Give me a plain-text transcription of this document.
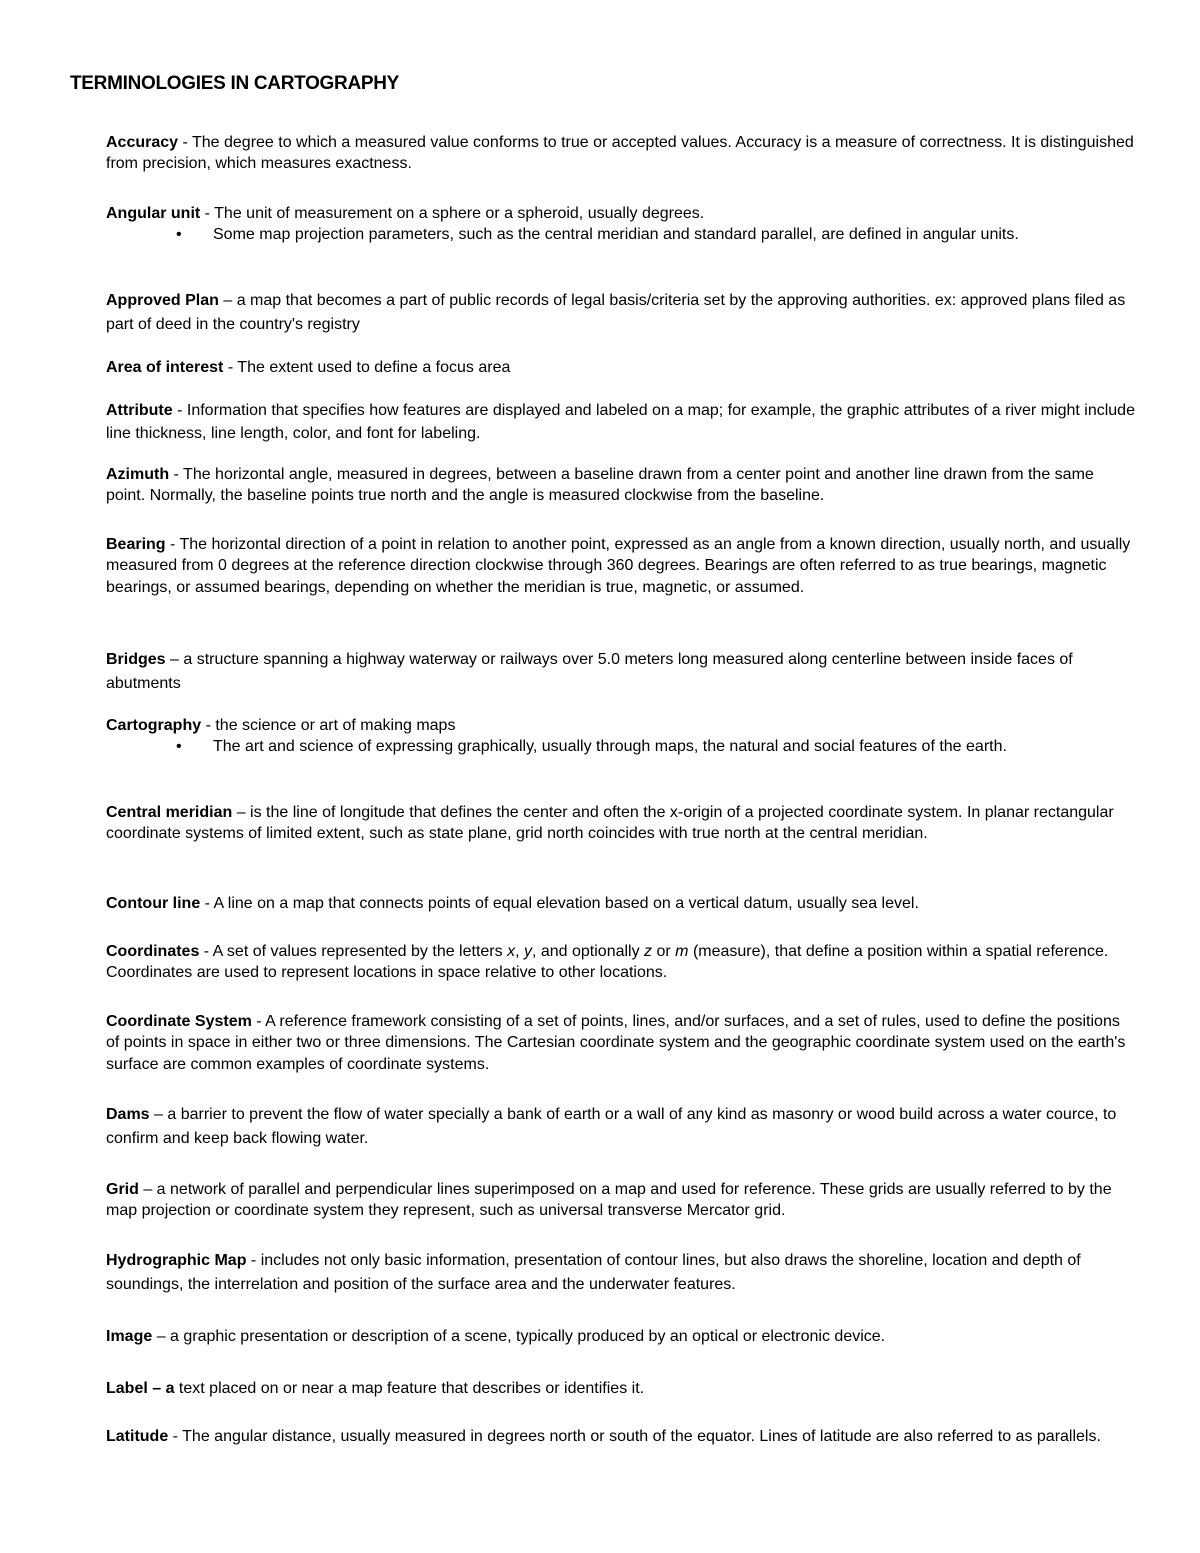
TERMINOLOGIES IN CARTOGRAPHY

Accuracy - The degree to which a measured value conforms to true or accepted values. Accuracy is a measure of correctness. It is distinguished from precision, which measures exactness.

Angular unit - The unit of measurement on a sphere or a spheroid, usually degrees.
• Some map projection parameters, such as the central meridian and standard parallel, are defined in angular units.

Approved Plan – a map that becomes a part of public records of legal basis/criteria set by the approving authorities. ex: approved plans filed as part of deed in the country's registry

Area of interest - The extent used to define a focus area

Attribute - Information that specifies how features are displayed and labeled on a map; for example, the graphic attributes of a river might include line thickness, line length, color, and font for labeling.

Azimuth - The horizontal angle, measured in degrees, between a baseline drawn from a center point and another line drawn from the same point. Normally, the baseline points true north and the angle is measured clockwise from the baseline.

Bearing - The horizontal direction of a point in relation to another point, expressed as an angle from a known direction, usually north, and usually measured from 0 degrees at the reference direction clockwise through 360 degrees. Bearings are often referred to as true bearings, magnetic bearings, or assumed bearings, depending on whether the meridian is true, magnetic, or assumed.

Bridges – a structure spanning a highway waterway or railways over 5.0 meters long measured along centerline between inside faces of abutments

Cartography - the science or art of making maps
• The art and science of expressing graphically, usually through maps, the natural and social features of the earth.

Central meridian – is the line of longitude that defines the center and often the x-origin of a projected coordinate system. In planar rectangular coordinate systems of limited extent, such as state plane, grid north coincides with true north at the central meridian.

Contour line - A line on a map that connects points of equal elevation based on a vertical datum, usually sea level.

Coordinates - A set of values represented by the letters x, y, and optionally z or m (measure), that define a position within a spatial reference. Coordinates are used to represent locations in space relative to other locations.

Coordinate System - A reference framework consisting of a set of points, lines, and/or surfaces, and a set of rules, used to define the positions of points in space in either two or three dimensions. The Cartesian coordinate system and the geographic coordinate system used on the earth's surface are common examples of coordinate systems.

Dams – a barrier to prevent the flow of water specially a bank of earth or a wall of any kind as masonry or wood build across a water cource, to confirm and keep back flowing water.

Grid – a network of parallel and perpendicular lines superimposed on a map and used for reference. These grids are usually referred to by the map projection or coordinate system they represent, such as universal transverse Mercator grid.

Hydrographic Map - includes not only basic information, presentation of contour lines, but also draws the shoreline, location and depth of soundings, the interrelation and position of the surface area and the underwater features.

Image – a graphic presentation or description of a scene, typically produced by an optical or electronic device.

Label – a text placed on or near a map feature that describes or identifies it.

Latitude - The angular distance, usually measured in degrees north or south of the equator. Lines of latitude are also referred to as parallels.
